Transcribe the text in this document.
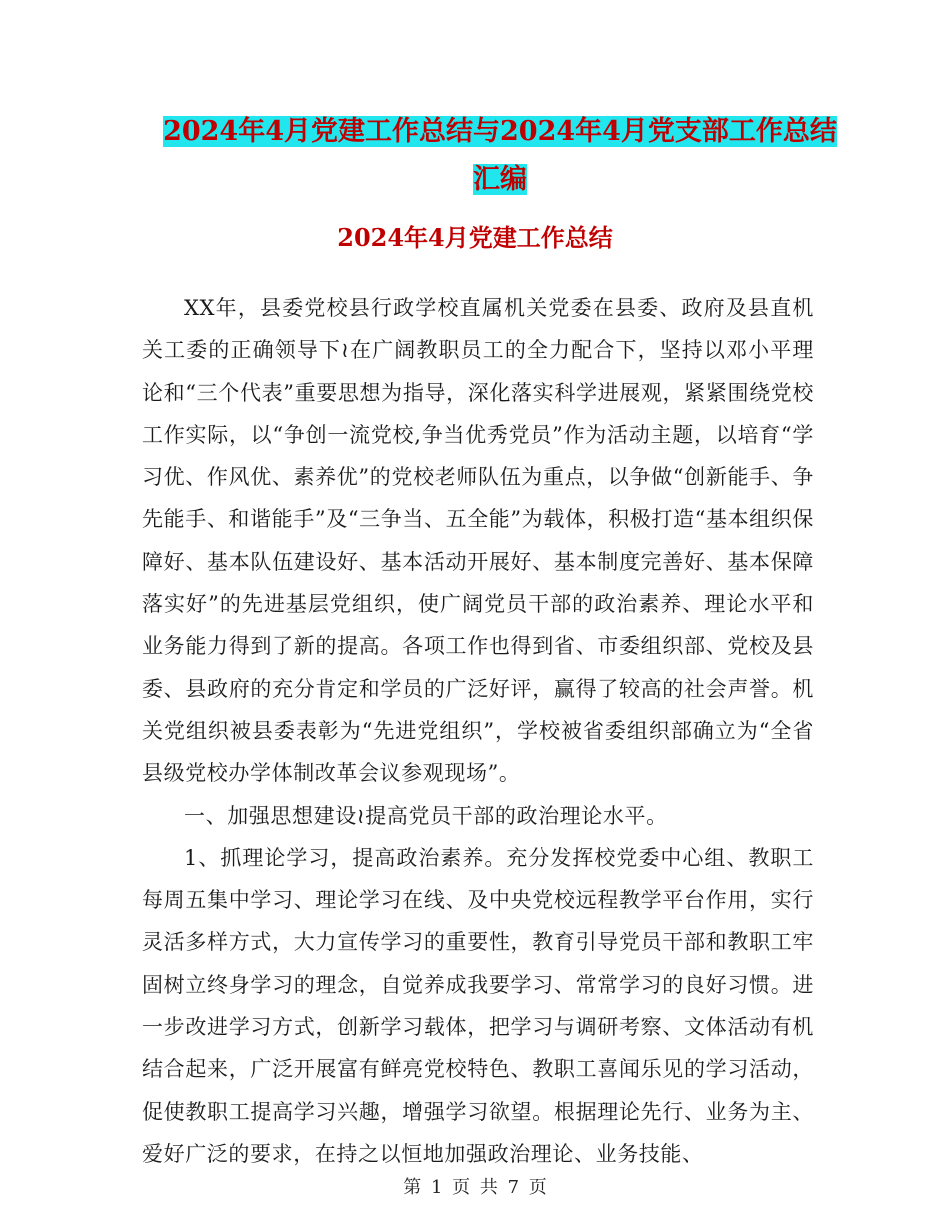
2024年4月党建工作总结与2024年4月党支部工作总结汇编
2024年4月党建工作总结

XX年，县委党校县行政学校直属机关党委在县委、政府及县直机关工委的正确领导下≀在广阔教职员工的全力配合下，坚持以邓小平理论和“三个代表”重要思想为指导，深化落实科学进展观，紧紧围绕党校工作实际，以“争创一流党校,争当优秀党员”作为活动主题，以培育“学习优、作风优、素养优”的党校老师队伍为重点，以争做“创新能手、争先能手、和谐能手”及“三争当、五全能”为载体，积极打造“基本组织保障好、基本队伍建设好、基本活动开展好、基本制度完善好、基本保障落实好”的先进基层党组织，使广阔党员干部的政治素养、理论水平和业务能力得到了新的提高。各项工作也得到省、市委组织部、党校及县委、县政府的充分肯定和学员的广泛好评，赢得了较高的社会声誉。机关党组织被县委表彰为“先进党组织”，学校被省委组织部确立为“全省县级党校办学体制改革会议参观现场”。

一、加强思想建设≀提高党员干部的政治理论水平。

1、抓理论学习，提高政治素养。充分发挥校党委中心组、教职工每周五集中学习、理论学习在线、及中央党校远程教学平台作用，实行灵活多样方式，大力宣传学习的重要性，教育引导党员干部和教职工牢固树立终身学习的理念，自觉养成我要学习、常常学习的良好习惯。进一步改进学习方式，创新学习载体，把学习与调研考察、文体活动有机结合起来，广泛开展富有鲜亮党校特色、教职工喜闻乐见的学习活动，促使教职工提高学习兴趣，增强学习欲望。根据理论先行、业务为主、爱好广泛的要求，在持之以恒地加强政治理论、业务技能、

第 1 页 共 7 页
